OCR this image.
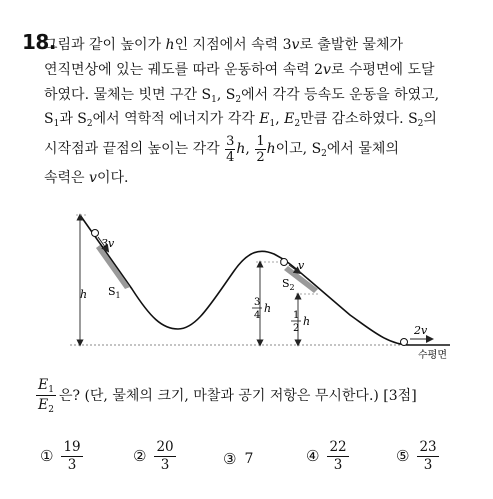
18.
그림과 같이 높이가 h인 지점에서 속력 3v로 출발한 물체가
연직면상에 있는 궤도를 따라 운동하여 속력 2v로 수평면에 도달
하였다. 물체는 빗면 구간 $S_1$, $S_2$에서 각각 등속도 운동을 하였고,
$S_1$과 $S_2$에서 역학적 에너지가 각각 $E_1$, $E_2$만큼 감소하였다. $S_2$의
시작점과 끝점의 높이는 각각 $\frac{3}{4} h$, $\frac{1}{2}$ h이고, $S_2$에서 물체의
속력은 v이다.
3v
h $S_1$
v
$S_2$
3
4
h
1
2
h
2v
수평면
$\frac{E_1}{E_2}$ 은? (단, 물체의 크기, 마찰과 공기 저항은 무시한다.) [3점]
① $\frac{19}{3}$	② $\frac{20}{3}$	③ 7	④ $\frac{22}{3}$	⑤ $\frac{23}{3}$
